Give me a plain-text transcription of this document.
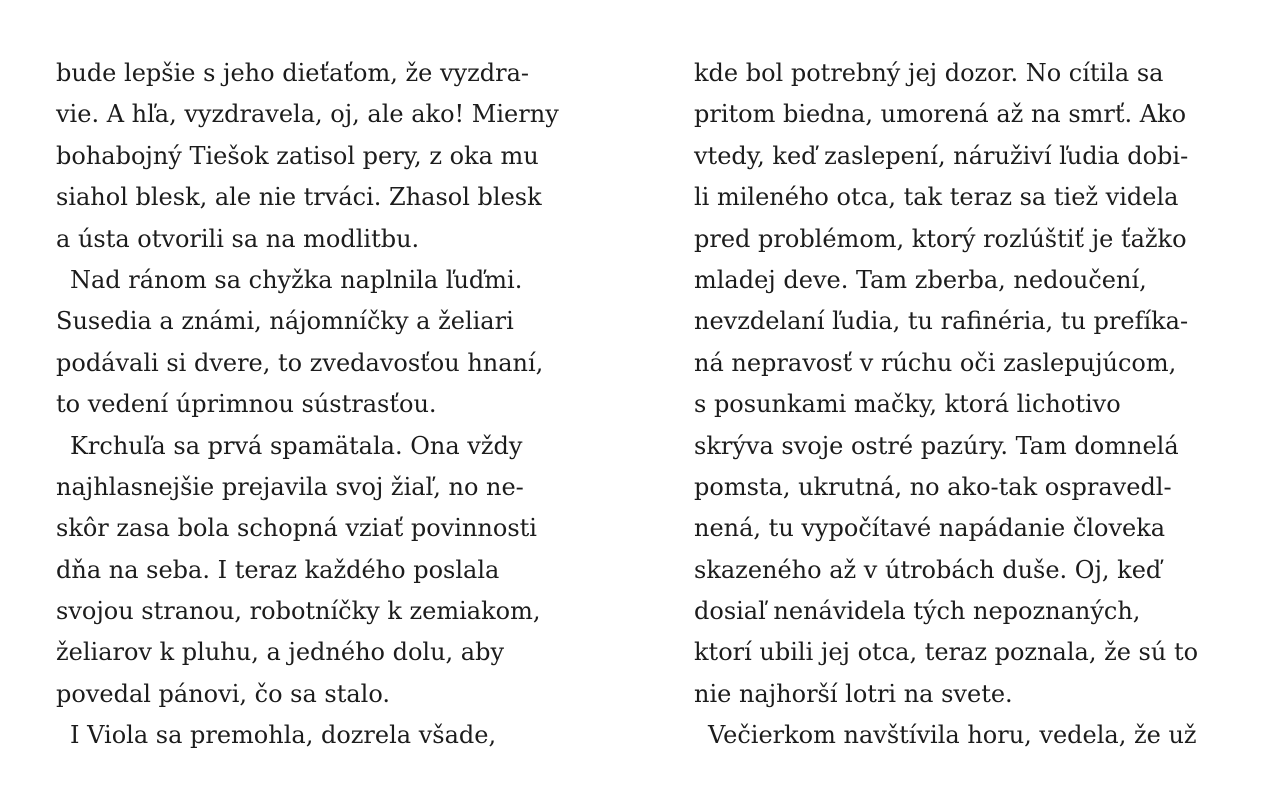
bude lepšie s jeho dieťaťom, že vyzdra-
vie. A hľa, vyzdravela, oj, ale ako! Mierny
bohabojný Tiešok zatisol pery, z oka mu
siahol blesk, ale nie trváci. Zhasol blesk
a ústa otvorili sa na modlitbu.
Nad ránom sa chyžka naplnila ľuďmi.
Susedia a známi, nájomníčky a želiari
podávali si dvere, to zvedavosťou hnaní,
to vedení úprimnou sústrasťou.
Krchuľa sa prvá spamätala. Ona vždy
najhlasnejšie prejavila svoj žiaľ, no ne-
skôr zasa bola schopná vziať povinnosti
dňa na seba. I teraz každého poslala
svojou stranou, robotníčky k zemiakom,
želiarov k pluhu, a jedného dolu, aby
povedal pánovi, čo sa stalo.
I Viola sa premohla, dozrela všade,
kde bol potrebný jej dozor. No cítila sa
pritom biedna, umorená až na smrť. Ako
vtedy, keď zaslepení, náruživí ľudia dobi-
li mileného otca, tak teraz sa tiež videla
pred problémom, ktorý rozlúštiť je ťažko
mladej deve. Tam zberba, nedoučení,
nevzdelaní ľudia, tu rafinéria, tu prefíka-
ná nepravosť v rúchu oči zaslepujúcom,
s posunkami mačky, ktorá lichotivo
skrýva svoje ostré pazúry. Tam domnelá
pomsta, ukrutná, no ako-tak ospravedl-
nená, tu vypočítavé napádanie človeka
skazeného až v útrobách duše. Oj, keď
dosiaľ nenávidela tých nepoznaných,
ktorí ubili jej otca, teraz poznala, že sú to
nie najhorší lotri na svete.
Večierkom navštívila horu, vedela, že už
